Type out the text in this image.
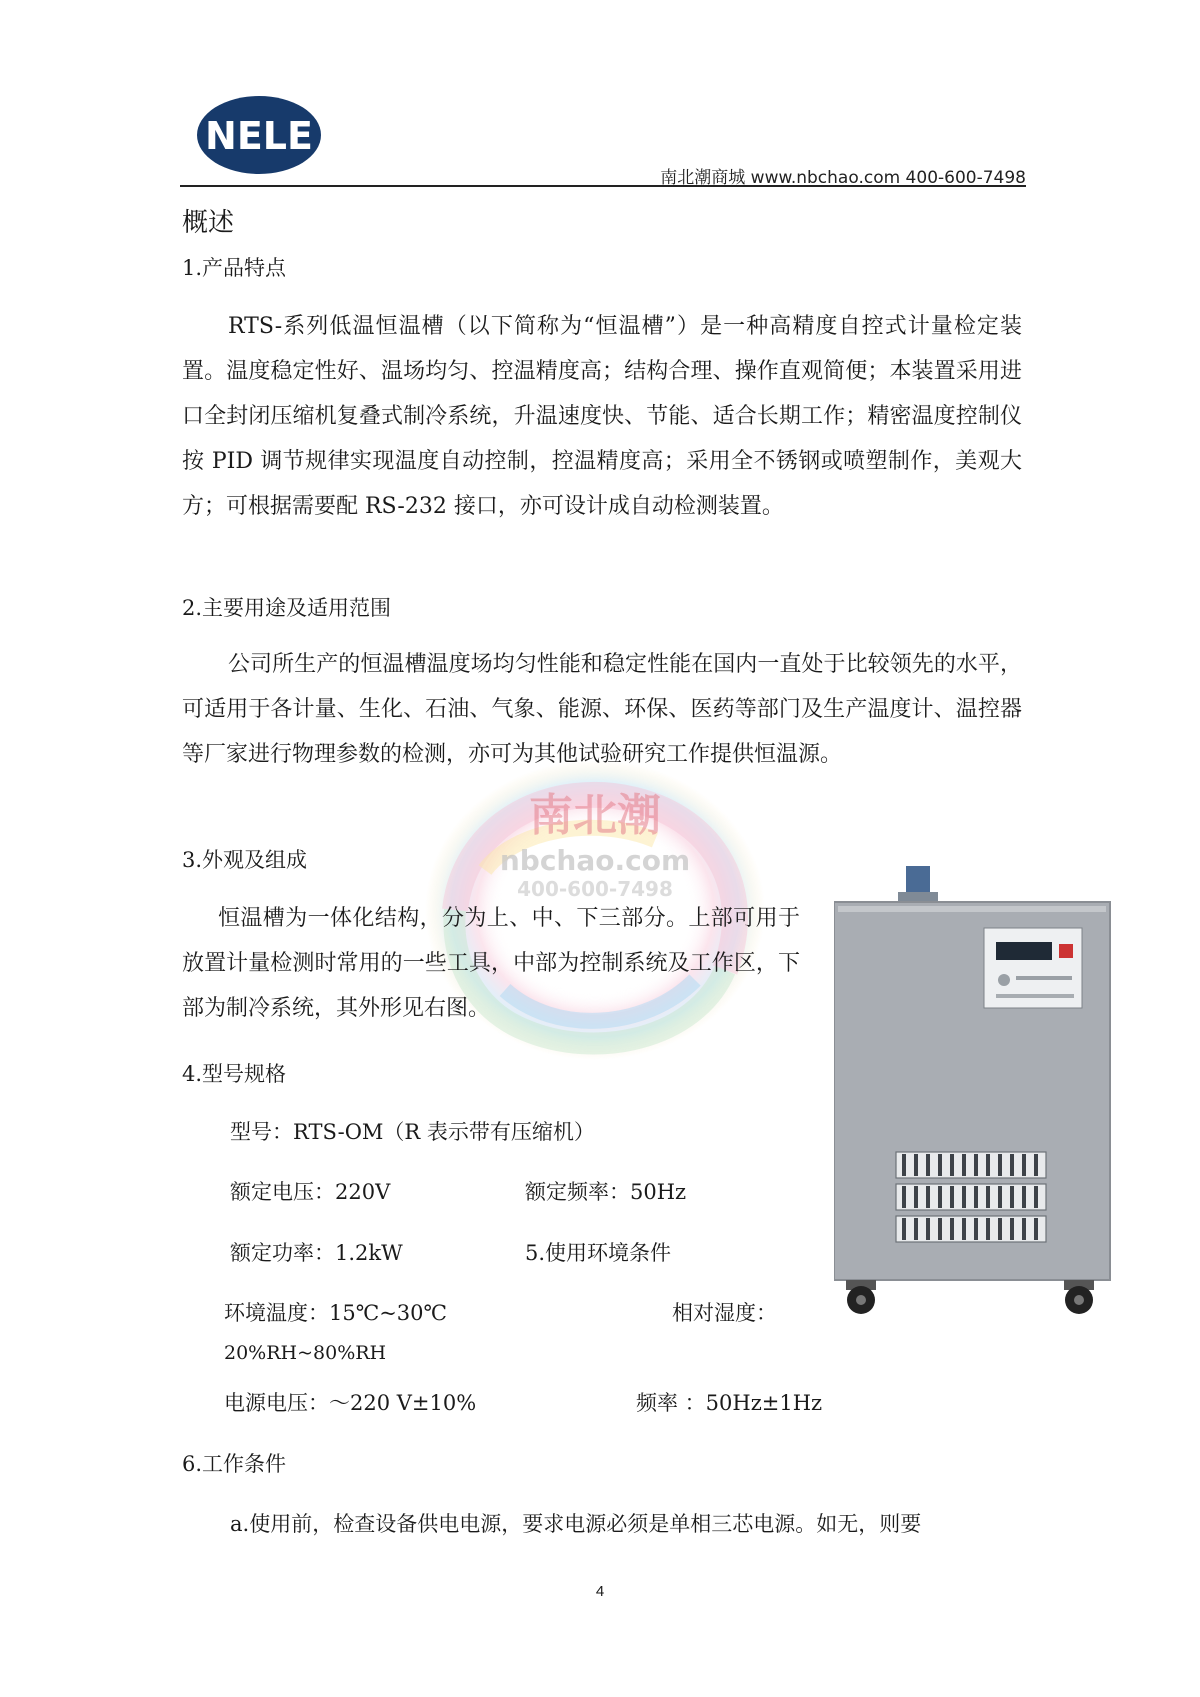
NELE
南北潮商城 www.nbchao.com 400-600-7498
南北潮
nbchao.com
400-600-7498
概述
1.产品特点
RTS-系列低温恒温槽（以下简称为“恒温槽”）是一种高精度自控式计量检定装置。温度稳定性好、温场均匀、控温精度高；结构合理、操作直观简便；本装置采用进口全封闭压缩机复叠式制冷系统，升温速度快、节能、适合长期工作；精密温度控制仪按 PID 调节规律实现温度自动控制，控温精度高；采用全不锈钢或喷塑制作，美观大方；可根据需要配 RS-232 接口，亦可设计成自动检测装置。
2.主要用途及适用范围
公司所生产的恒温槽温度场均匀性能和稳定性能在国内一直处于比较领先的水平，可适用于各计量、生化、石油、气象、能源、环保、医药等部门及生产温度计、温控器等厂家进行物理参数的检测，亦可为其他试验研究工作提供恒温源。
3.外观及组成
恒温槽为一体化结构，分为上、中、下三部分。上部可用于放置计量检测时常用的一些工具，中部为控制系统及工作区，下部为制冷系统，其外形见右图。
4.型号规格
型号：RTS-OM（R 表示带有压缩机）
额定电压：220V	额定频率：50Hz
额定功率：1.2kW	5.使用环境条件
环境温度：15℃~30℃	相对湿度：
20%RH~80%RH
电源电压：～220 V±10%	频率 ：50Hz±1Hz
6.工作条件
a.使用前，检查设备供电电源，要求电源必须是单相三芯电源。如无，则要
4
